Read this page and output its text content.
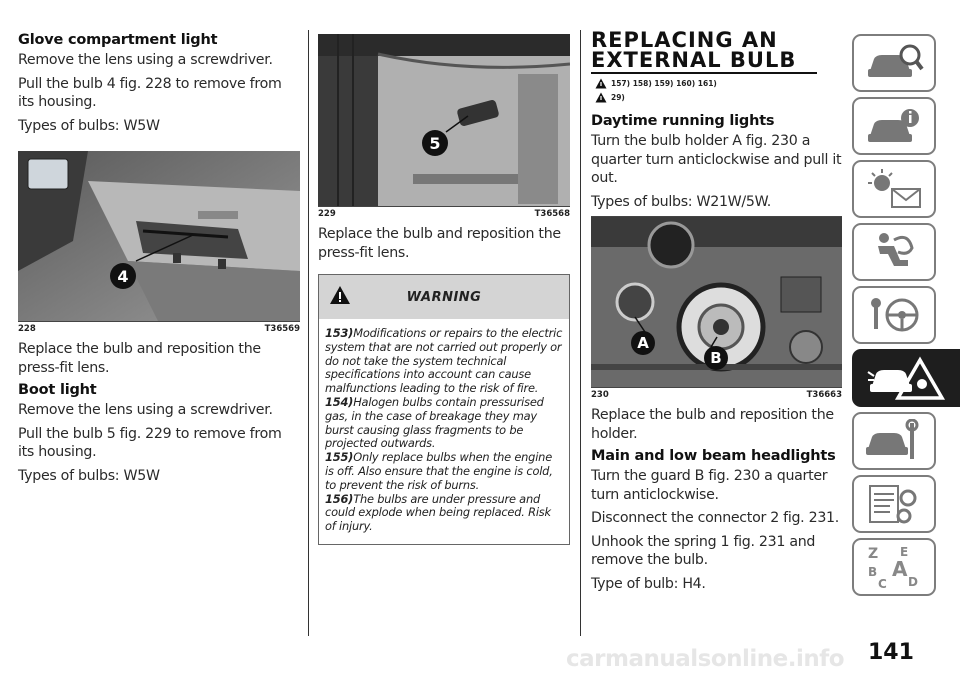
Glove compartment light

Remove the lens using a screwdriver.

Pull the bulb 4 fig. 228 to remove from its housing.

Types of bulbs: W5W

4
228	T36569

Replace the bulb and reposition the press-fit lens.

Boot light

Remove the lens using a screwdriver.

Pull the bulb 5 fig. 229 to remove from its housing.

Types of bulbs: W5W

5
229	T36568

Replace the bulb and reposition the press-fit lens.

WARNING

153)Modifications or repairs to the electric system that are not carried out properly or do not take the system technical specifications into account can cause malfunctions leading to the risk of fire.

154)Halogen bulbs contain pressurised gas, in the case of breakage they may burst causing glass fragments to be projected outwards.

155)Only replace bulbs when the engine is off. Also ensure that the engine is cold, to prevent the risk of burns.

156)The bulbs are under pressure and could explode when being replaced. Risk of injury.

REPLACING AN
EXTERNAL BULB
157) 158) 159) 160) 161)
29)
Daytime running lights

Turn the bulb holder A fig. 230 a quarter turn anticlockwise and pull it out.

Types of bulbs: W21W/5W.

A
B
230	T36663

Replace the bulb and reposition the holder.

Main and low beam headlights

Turn the guard B fig. 230 a quarter turn anticlockwise.

Disconnect the connector 2 fig. 231.

Unhook the spring 1 fig. 231 and remove the bulb.

Type of bulb: H4.

Z E
A
B
C D
carmanualsonline.info 141
